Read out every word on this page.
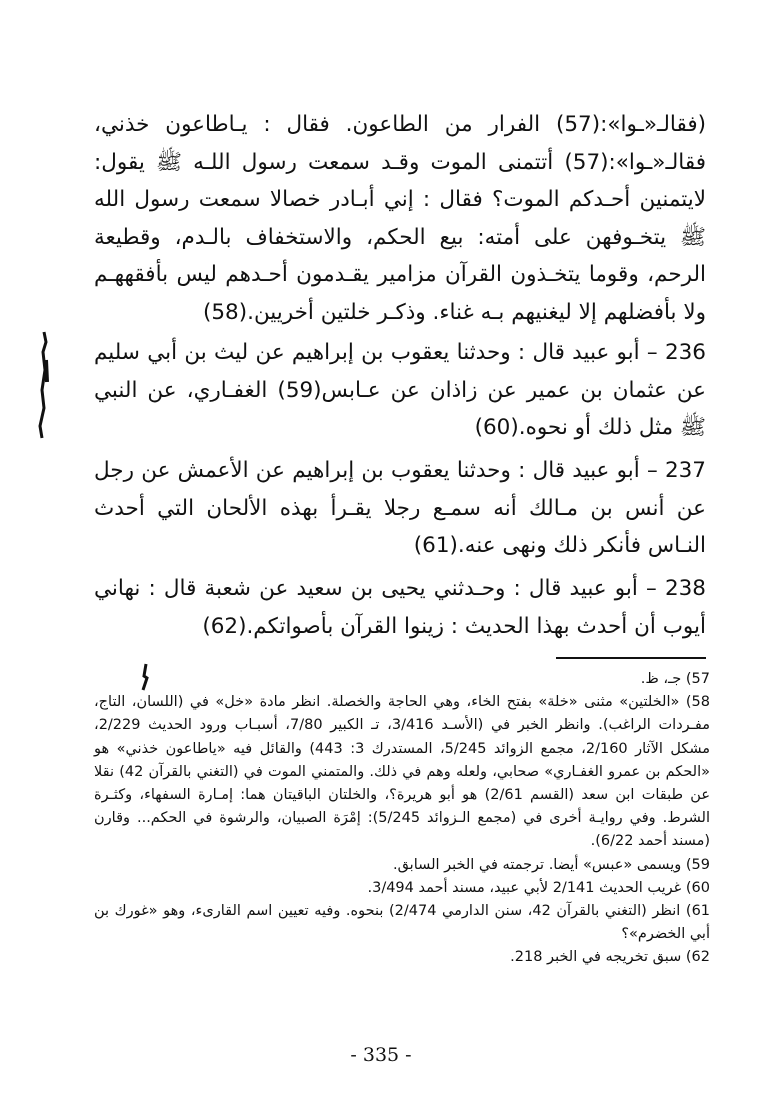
(فقالـ«ـوا»:(57) الفرار من الطاعون. فقال : يـاطاعون خذني، فقالـ«ـوا»:(57) أتتمنى الموت وقـد سمعت رسول اللـه ﷺ يقول: لايتمنين أحـدكم الموت؟ فقال : إني أبـادر خصالا سمعت رسول الله ﷺ يتخـوفهن على أمته: بيع الحكم، والاستخفاف بالـدم، وقطيعة الرحم، وقوما يتخـذون القرآن مزامير يقـدمون أحـدهم ليس بأفقههـم ولا بأفضلهم إلا ليغنيهم بـه غناء. وذكـر خلتين أخريين.(58)

236 – أبو عبيد قال : وحدثنا يعقوب بن إبراهيم عن ليث بن أبي سليم عن عثمان بن عمير عن زاذان عن عـابس(59) الغفـاري، عن النبي ﷺ مثل ذلك أو نحوه.(60)

237 – أبو عبيد قال : وحدثنا يعقوب بن إبراهيم عن الأعمش عن رجل عن أنس بن مـالك أنه سمـع رجلا يقـرأ بهذه الألحان التي أحدث النـاس فأنكر ذلك ونهى عنه.(61)

238 – أبو عبيد قال : وحـدثني يحيى بن سعيد عن شعبة قال : نهاني أيوب أن أحدث بهذا الحديث : زينوا القرآن بأصواتكم.(62)

57) جـ، ظ.

58) «الخلتين» مثنى «خلة» بفتح الخاء، وهي الحاجة والخصلة. انظر مادة «خل» في (اللسان، التاج، مفـردات الراغب). وانظر الخبر في (الأسـد 3/416، تـ الكبير 7/80، أسبـاب ورود الحديث 2/229، مشكل الآثار 2/160، مجمع الزوائد 5/245، المستدرك 3: 443) والقائل فيه «ياطاعون خذني» هو «الحكم بن عمرو الغفـاري» صحابي، ولعله وهم في ذلك. والمتمني الموت في (التغني بالقرآن 42) نقلا عن طبقات ابن سعد (القسم 2/61) هو أبو هريرة؟، والخلتان الباقيتان هما: إمـارة السفهاء، وكثـرة الشرط. وفي روايـة أخرى في (مجمع الـزوائد 5/245): إمْرَة الصبيان، والرشوة في الحكم... وقارن (مسند أحمد 6/22).

59) ويسمى «عبس» أيضا. ترجمته في الخبر السابق.

60) غريب الحديث 2/141 لأبي عبيد، مسند أحمد 3/494.

61) انظر (التغني بالقرآن 42، سنن الدارمي 2/474) بنحوه. وفيه تعيين اسم القارىء، وهو «غورك بن أبي الخضرم»؟

62) سبق تخريجه في الخبر 218.

- 335 -
